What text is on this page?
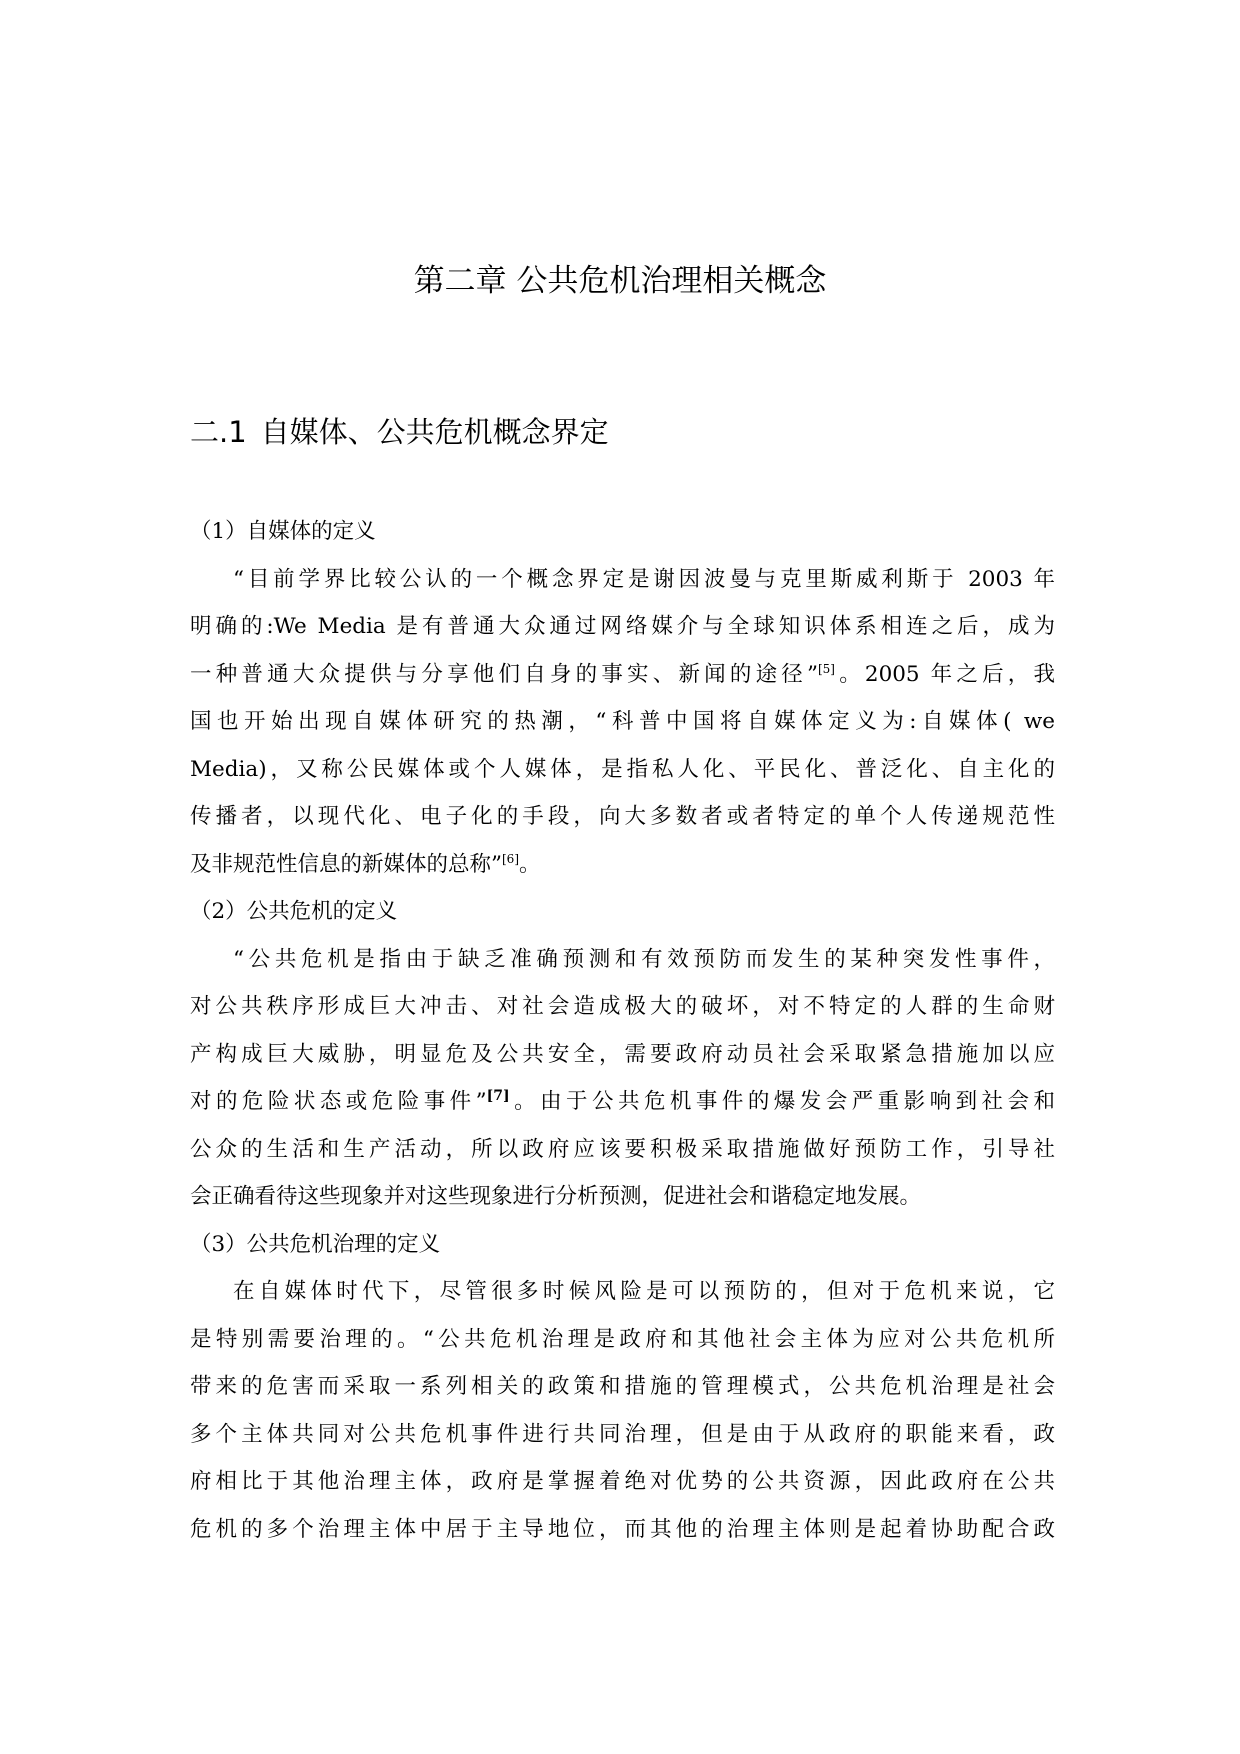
第二章 公共危机治理相关概念
二.1 自媒体、公共危机概念界定
（1）自媒体的定义
“目前学界比较公认的一个概念界定是谢因波曼与克里斯威利斯于 2003 年
明确的:We Media 是有普通大众通过网络媒介与全球知识体系相连之后，成为
一种普通大众提供与分享他们自身的事实、新闻的途径”[5]。2005 年之后，我
国也开始出现自媒体研究的热潮，“科普中国将自媒体定义为:自媒体( we
Media)，又称公民媒体或个人媒体，是指私人化、平民化、普泛化、自主化的
传播者，以现代化、电子化的手段，向大多数者或者特定的单个人传递规范性
及非规范性信息的新媒体的总称”[6]。
（2）公共危机的定义
“公共危机是指由于缺乏准确预测和有效预防而发生的某种突发性事件，
对公共秩序形成巨大冲击、对社会造成极大的破坏，对不特定的人群的生命财
产构成巨大威胁，明显危及公共安全，需要政府动员社会采取紧急措施加以应
对的危险状态或危险事件”[7]。由于公共危机事件的爆发会严重影响到社会和
公众的生活和生产活动，所以政府应该要积极采取措施做好预防工作，引导社
会正确看待这些现象并对这些现象进行分析预测，促进社会和谐稳定地发展。
（3）公共危机治理的定义
在自媒体时代下，尽管很多时候风险是可以预防的，但对于危机来说，它
是特别需要治理的。“公共危机治理是政府和其他社会主体为应对公共危机所
带来的危害而采取一系列相关的政策和措施的管理模式，公共危机治理是社会
多个主体共同对公共危机事件进行共同治理，但是由于从政府的职能来看，政
府相比于其他治理主体，政府是掌握着绝对优势的公共资源，因此政府在公共
危机的多个治理主体中居于主导地位，而其他的治理主体则是起着协助配合政
